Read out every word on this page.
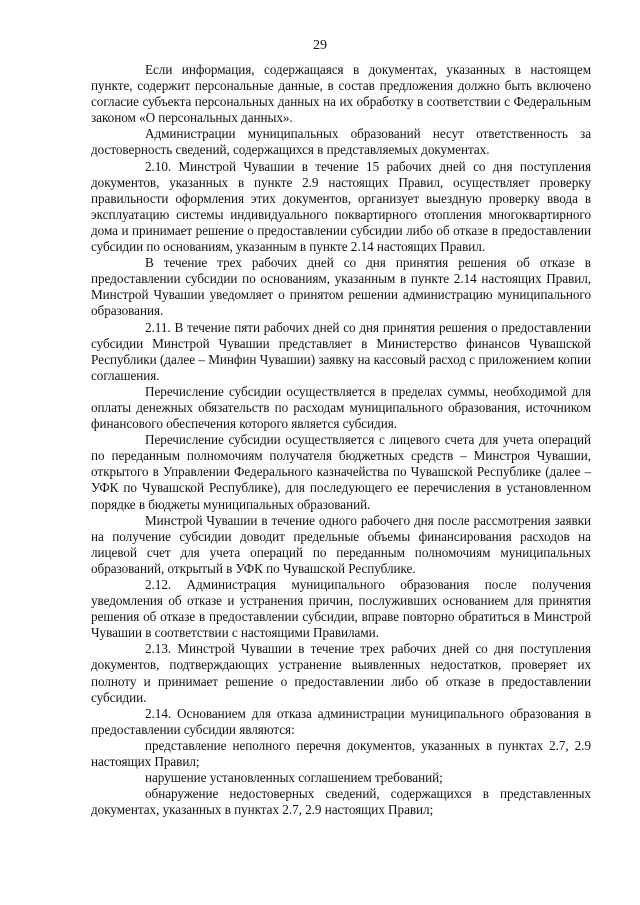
29

Если информация, содержащаяся в документах, указанных в настоящем пункте, содержит персональные данные, в состав предложения должно быть включено согласие субъекта персональных данных на их обработку в соответствии с Федеральным законом «О персональных данных».

Администрации муниципальных образований несут ответственность за достоверность сведений, содержащихся в представляемых документах.

2.10. Минстрой Чувашии в течение 15 рабочих дней со дня поступления документов, указанных в пункте 2.9 настоящих Правил, осуществляет проверку правильности оформления этих документов, организует выездную проверку ввода в эксплуатацию системы индивидуального поквартирного отопления многоквартирного дома и принимает решение о предоставлении субсидии либо об отказе в предоставлении субсидии по основаниям, указанным в пункте 2.14 настоящих Правил.

В течение трех рабочих дней со дня принятия решения об отказе в предоставлении субсидии по основаниям, указанным в пункте 2.14 настоящих Правил, Минстрой Чувашии уведомляет о принятом решении администрацию муниципального образования.

2.11. В течение пяти рабочих дней со дня принятия решения о предоставлении субсидии Минстрой Чувашии представляет в Министерство финансов Чувашской Республики (далее – Минфин Чувашии) заявку на кассовый расход с приложением копии соглашения.

Перечисление субсидии осуществляется в пределах суммы, необходимой для оплаты денежных обязательств по расходам муниципального образования, источником финансового обеспечения которого является субсидия.

Перечисление субсидии осуществляется с лицевого счета для учета операций по переданным полномочиям получателя бюджетных средств – Минстроя Чувашии, открытого в Управлении Федерального казначейства по Чувашской Республике (далее – УФК по Чувашской Республике), для последующего ее перечисления в установленном порядке в бюджеты муниципальных образований.

Минстрой Чувашии в течение одного рабочего дня после рассмотрения заявки на получение субсидии доводит предельные объемы финансирования расходов на лицевой счет для учета операций по переданным полномочиям муниципальных образований, открытый в УФК по Чувашской Республике.

2.12. Администрация муниципального образования после получения уведомления об отказе и устранения причин, послуживших основанием для принятия решения об отказе в предоставлении субсидии, вправе повторно обратиться в Минстрой Чувашии в соответствии с настоящими Правилами.

2.13. Минстрой Чувашии в течение трех рабочих дней со дня поступления документов, подтверждающих устранение выявленных недостатков, проверяет их полноту и принимает решение о предоставлении либо об отказе в предоставлении субсидии.

2.14. Основанием для отказа администрации муниципального образования в предоставлении субсидии являются:

представление неполного перечня документов, указанных в пунктах 2.7, 2.9 настоящих Правил;

нарушение установленных соглашением требований;

обнаружение недостоверных сведений, содержащихся в представленных документах, указанных в пунктах 2.7, 2.9 настоящих Правил;
